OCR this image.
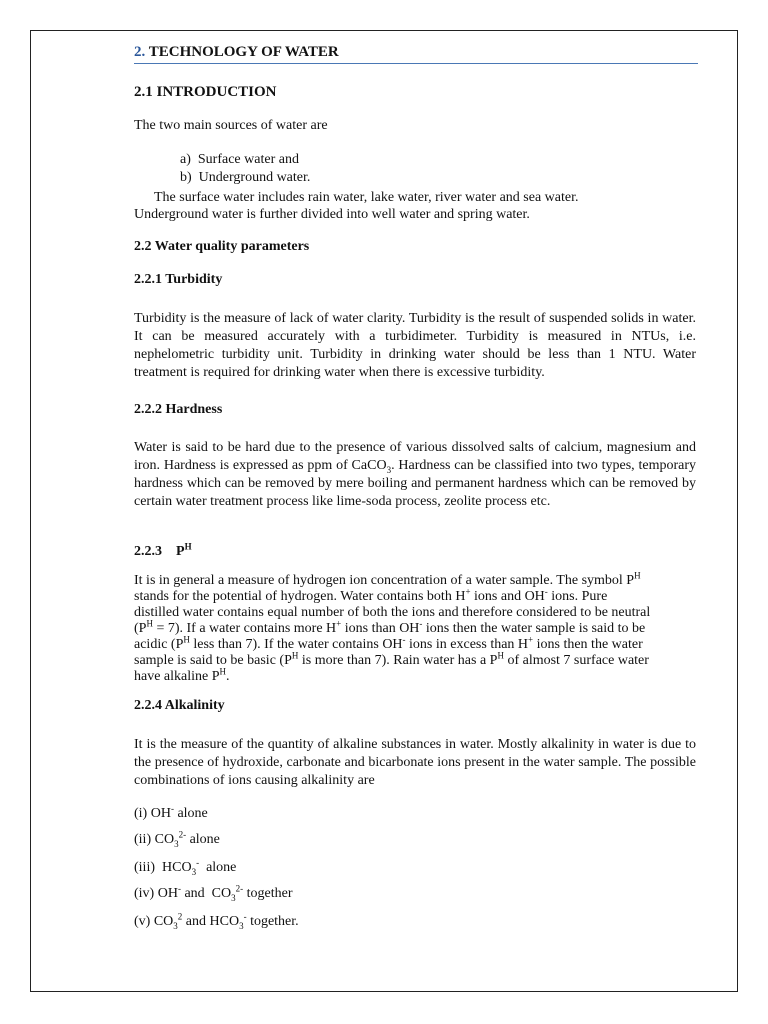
2. TECHNOLOGY OF WATER
2.1 INTRODUCTION
The two main sources of water are
a) Surface water and
b) Underground water.
The surface water includes rain water, lake water, river water and sea water.
Underground water is further divided into well water and spring water.
2.2 Water quality parameters
2.2.1 Turbidity
Turbidity is the measure of lack of water clarity. Turbidity is the result of suspended solids in water. It can be measured accurately with a turbidimeter. Turbidity is measured in NTUs, i.e. nephelometric turbidity unit. Turbidity in drinking water should be less than 1 NTU. Water treatment is required for drinking water when there is excessive turbidity.
2.2.2 Hardness
Water is said to be hard due to the presence of various dissolved salts of calcium, magnesium and iron. Hardness is expressed as ppm of CaCO$_3$. Hardness can be classified into two types, temporary hardness which can be removed by mere boiling and permanent hardness which can be removed by certain water treatment process like lime-soda process, zeolite process etc.
2.2.3    $P^H$
It is in general a measure of hydrogen ion concentration of a water sample. The symbol $P^H$
stands for the potential of hydrogen. Water contains both H+ ions and OH- ions. Pure
distilled water contains equal number of both the ions and therefore considered to be neutral
$(P^H = 7)$. If a water contains more H+ ions than OH- ions then the water sample is said to be
acidic ($P^H$ less than 7). If the water contains OH- ions in excess than H+ ions then the water
sample is said to be basic ($P^H$ is more than 7). Rain water has a $P^H$ of almost 7 surface water
have alkaline $P^H$.
2.2.4 Alkalinity
It is the measure of the quantity of alkaline substances in water. Mostly alkalinity in water is due to the presence of hydroxide, carbonate and bicarbonate ions present in the water sample. The possible combinations of ions causing alkalinity are
(i) OH- alone
(ii) $CO_3^{2-}$ alone
(iii)  $HCO_3^-$  alone
(iv) OH- and  $CO_3^{2-}$ together
(v) $CO_3^2$ and $HCO_3^-$ together.
